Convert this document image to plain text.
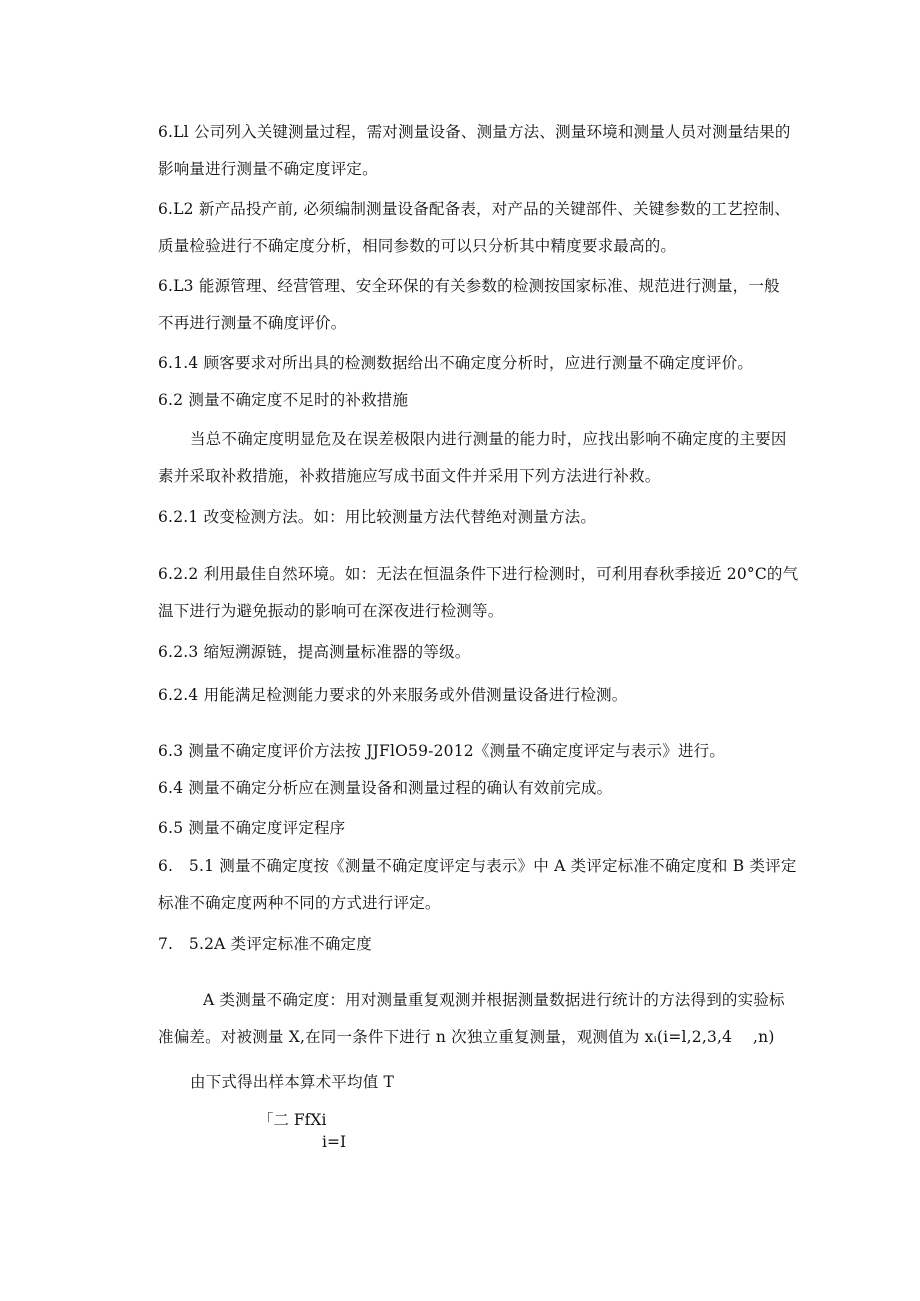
6.Ll 公司列入关键测量过程，需对测量设备、测量方法、测量环境和测量人员对测量结果的
影响量进行测量不确定度评定。
6.L2 新产品投产前, 必须编制测量设备配备表，对产品的关键部件、关键参数的工艺控制、
质量检验进行不确定度分析，相同参数的可以只分析其中精度要求最高的。
6.L3 能源管理、经营管理、安全环保的有关参数的检测按国家标准、规范进行测量，一般
不再进行测量不确度评价。
6.1.4 顾客要求对所出具的检测数据给出不确定度分析时，应进行测量不确定度评价。
6.2 测量不确定度不足时的补救措施
当总不确定度明显危及在误差极限内进行测量的能力时，应找出影响不确定度的主要因
素并采取补救措施，补救措施应写成书面文件并采用下列方法进行补救。
6.2.1 改变检测方法。如：用比较测量方法代替绝对测量方法。
6.2.2 利用最佳自然环境。如：无法在恒温条件下进行检测时，可利用春秋季接近 20°C的气
温下进行为避免振动的影响可在深夜进行检测等。
6.2.3 缩短溯源链，提高测量标准器的等级。
6.2.4 用能满足检测能力要求的外来服务或外借测量设备进行检测。
6.3 测量不确定度评价方法按 JJFlO59-2012《测量不确定度评定与表示》进行。
6.4 测量不确定分析应在测量设备和测量过程的确认有效前完成。
6.5 测量不确定度评定程序
6.　5.1 测量不确定度按《测量不确定度评定与表示》中 A 类评定标准不确定度和 B 类评定
标准不确定度两种不同的方式进行评定。
7.　5.2A 类评定标准不确定度
A 类测量不确定度：用对测量重复观测并根据测量数据进行统计的方法得到的实验标
准偏差。对被测量 X,在同一条件下进行 n 次独立重复测量，观测值为 xᵢ(i=l,2,3,4　 ,n)
由下式得出样本算术平均值 T
「二 FfXi
i=I
